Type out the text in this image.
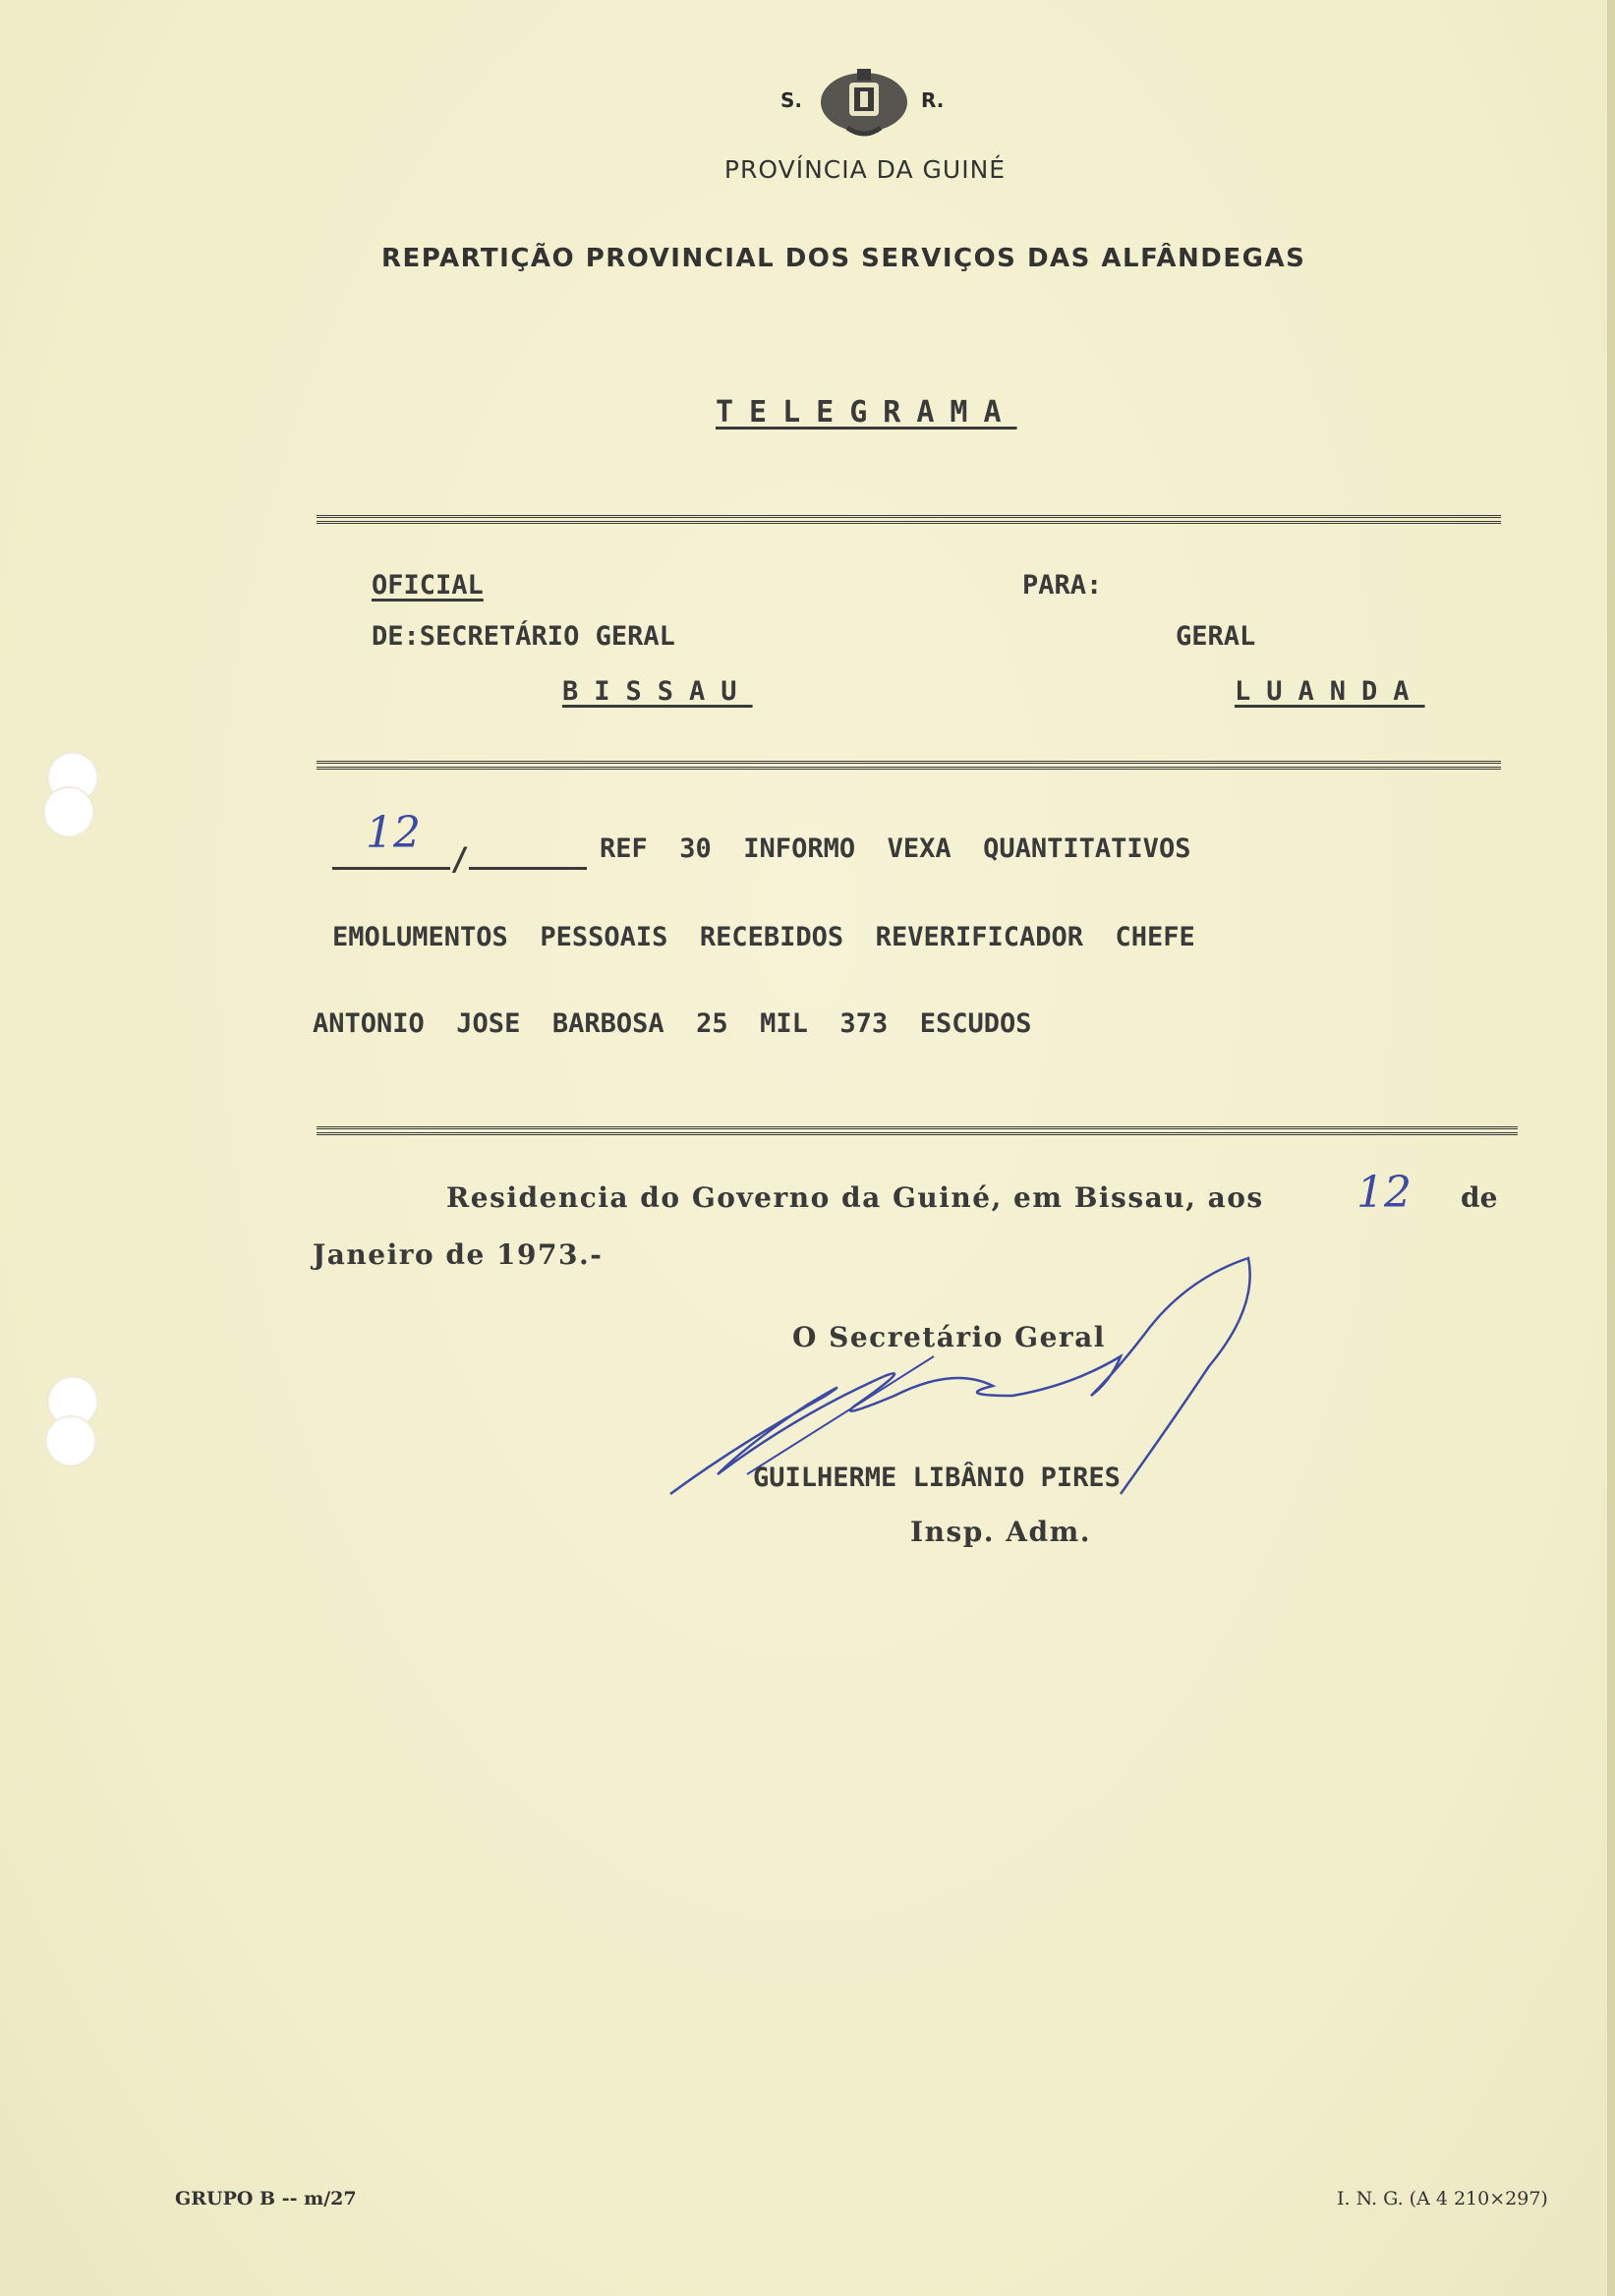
S.	R.
PROVÍNCIA DA GUINÉ
REPARTIÇÃO PROVINCIAL DOS SERVIÇOS DAS ALFÂNDEGAS
TELEGRAMA
OFICIAL	PARA:
DE:SECRETÁRIO GERAL	GERAL
BISSAU	LUANDA
12
/	REF  30  INFORMO  VEXA  QUANTITATIVOS
EMOLUMENTOS  PESSOAIS  RECEBIDOS  REVERIFICADOR  CHEFE
ANTONIO  JOSE  BARBOSA  25  MIL  373  ESCUDOS
Residencia do Governo da Guiné, em Bissau, aos 12 de
Janeiro de 1973.-
O Secretário Geral
GUILHERME LIBÂNIO PIRES
Insp. Adm.
GRUPO B -- m/27	I. N. G. (A 4 210×297)
